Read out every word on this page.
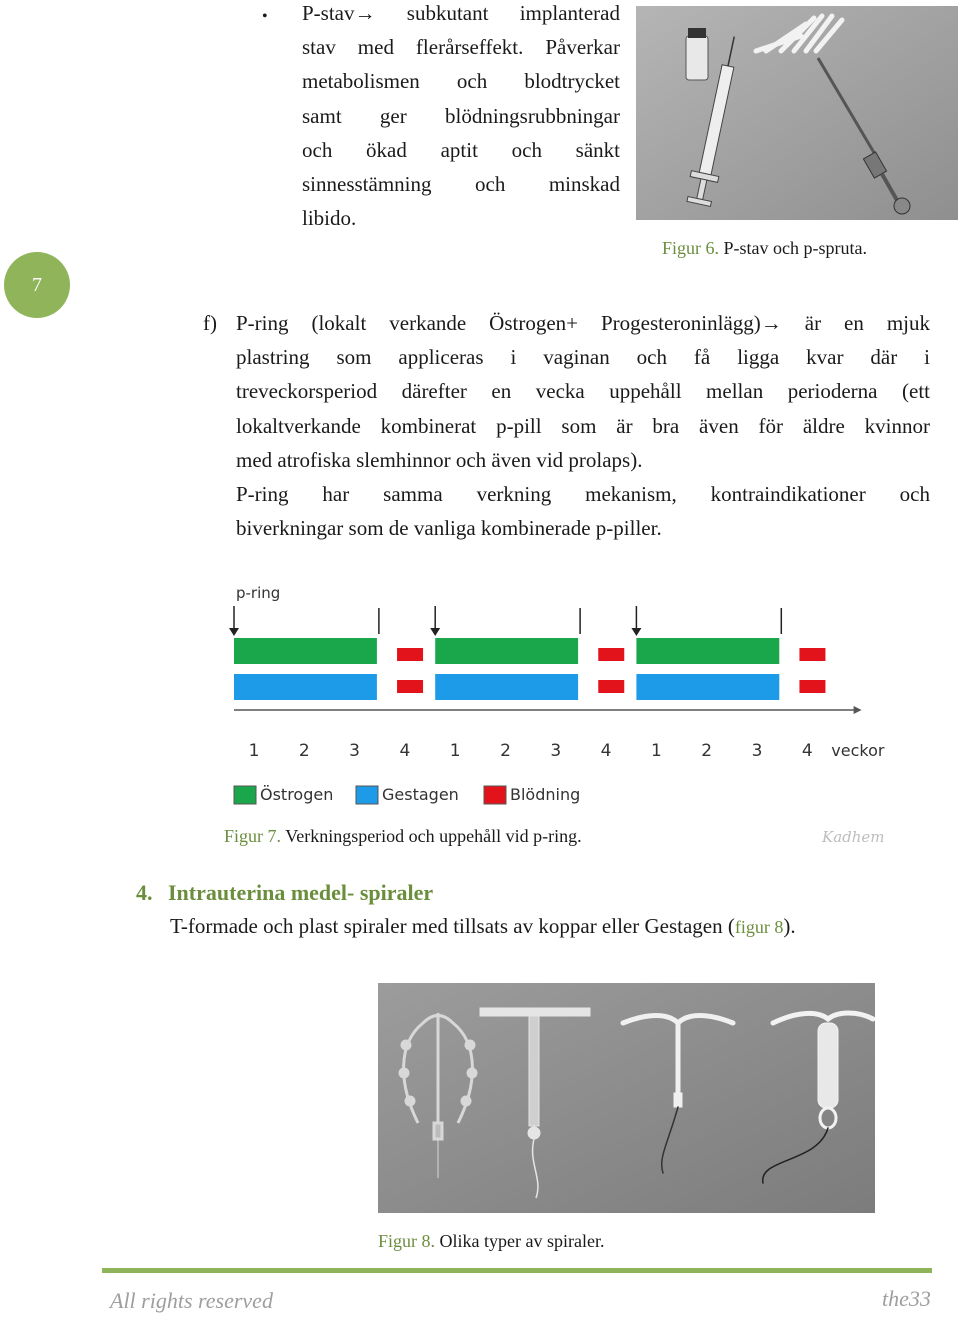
• P-stav→ subkutant implanterad
stav med flerårseffekt. Påverkar
metabolismen och blodtrycket
samt ger blödningsrubbningar
och ökad aptit och sänkt
sinnesstämning och minskad
libido.
Figur 6. P-stav och p-spruta.
7
f) P-ring (lokalt verkande Östrogen+ Progesteroninlägg)→ är en mjuk
plastring som appliceras i vaginan och få ligga kvar där i
treveckorsperiod därefter en vecka uppehåll mellan perioderna (ett
lokaltverkande kombinerat p-pill som är bra även för äldre kvinnor
med atrofiska slemhinnor och även vid prolaps).
P-ring har samma verkning mekanism, kontraindikationer och
biverkningar som de vanliga kombinerade p-piller.
p-ring
1 2 3 4 1 2 3 4 1 2 3 4 veckor
Östrogen	Gestagen	Blödning
Figur 7. Verkningsperiod och uppehåll vid p-ring.	Kadhem
4. Intrauterina medel- spiraler
T-formade och plast spiraler med tillsats av koppar eller Gestagen (figur 8).
Figur 8. Olika typer av spiraler.
All rights reserved	the33
